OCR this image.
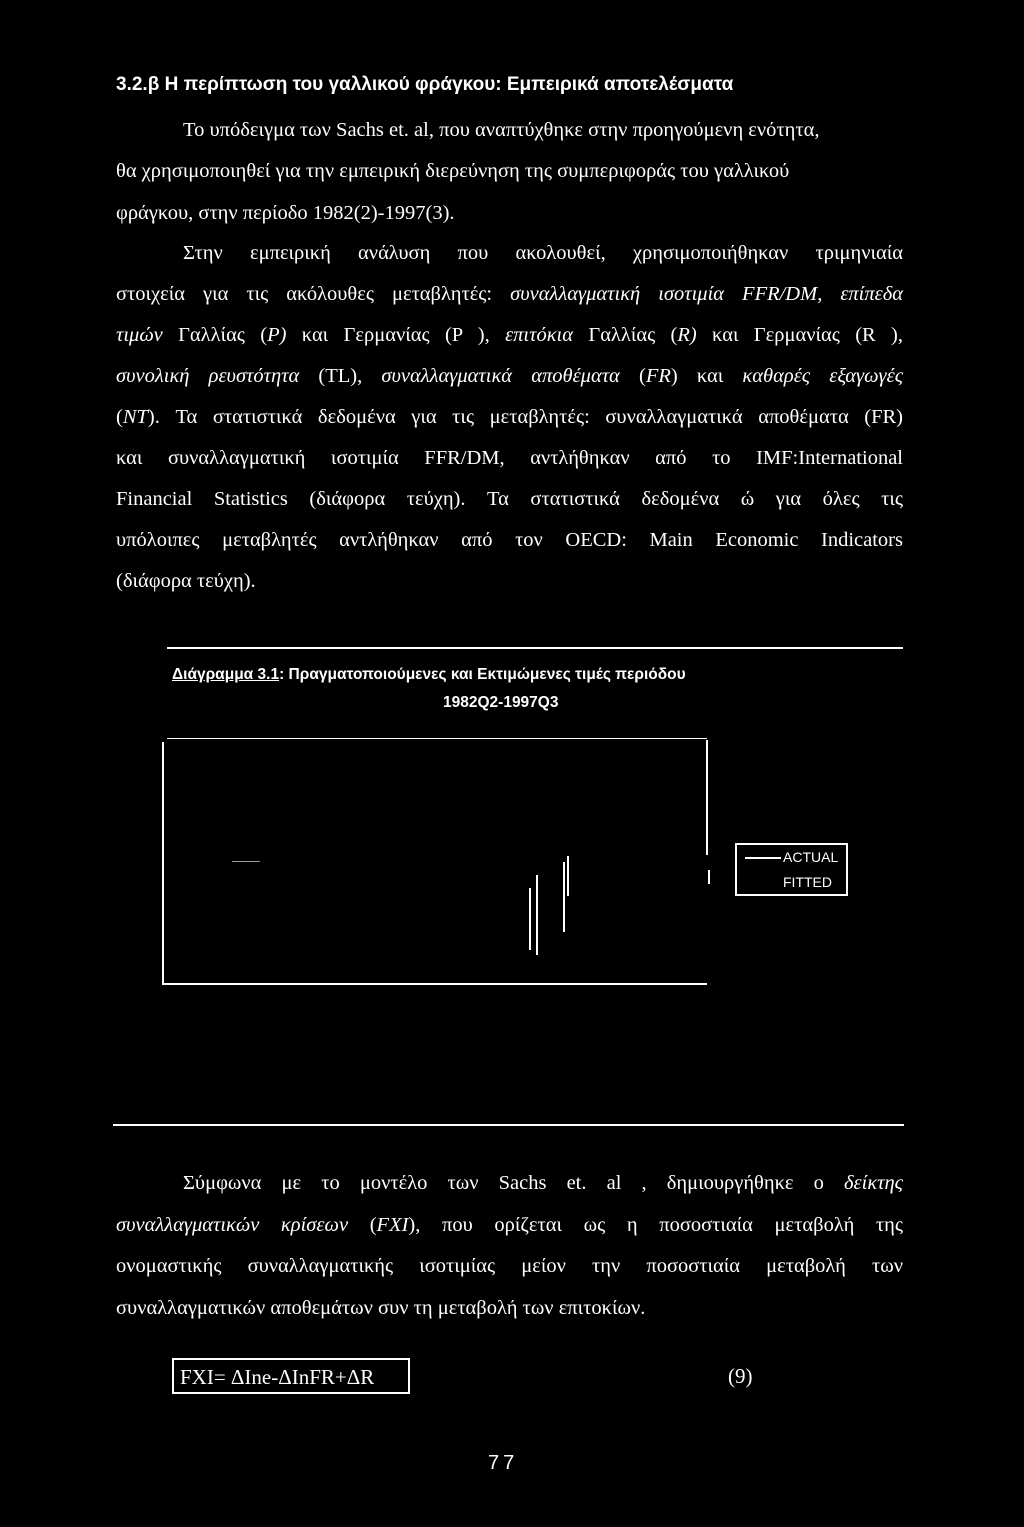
3.2.β Η περίπτωση του γαλλικού φράγκου: Εμπειρικά αποτελέσματα
Το υπόδειγμα των Sachs et. al, που αναπτύχθηκε στην προηγούμενη ενότητα,
θα χρησιμοποιηθεί για την εμπειρική διερεύνηση της συμπεριφοράς του γαλλικού
φράγκου, στην περίοδο 1982(2)-1997(3).
Στην εμπειρική ανάλυση που ακολουθεί, χρησιμοποιήθηκαν τριμηνιαία
στοιχεία για τις ακόλουθες μεταβλητές: συναλλαγματική ισοτιμία FFR/DM, επίπεδα
τιμών Γαλλίας (P) και Γερμανίας (P ), επιτόκια Γαλλίας (R) και Γερμανίας (R ),
συνολική ρευστότητα (TL), συναλλαγματικά αποθέματα (FR) και καθαρές εξαγωγές
(NT). Τα στατιστικά δεδομένα για τις μεταβλητές: συναλλαγματικά αποθέματα (FR)
και συναλλαγματική ισοτιμία FFR/DM, αντλήθηκαν από το IMF:International
Financial Statistics (διάφορα τεύχη). Τα στατιστικά δεδομένα ώ για όλες τις
υπόλοιπες μεταβλητές αντλήθηκαν από τον OECD: Main Economic Indicators
(διάφορα τεύχη).
Διάγραμμα 3.1: Πραγματοποιούμενες και Εκτιμώμενες τιμές περιόδου
1982Q2-1997Q3
ACTUAL
FITTED
Σύμφωνα με το μοντέλο των Sachs et. al , δημιουργήθηκε ο δείκτης
συναλλαγματικών κρίσεων (FXI), που ορίζεται ως η ποσοστιαία μεταβολή της
ονομαστικής συναλλαγματικής ισοτιμίας μείον την ποσοστιαία μεταβολή των
συναλλαγματικών αποθεμάτων συν τη μεταβολή των επιτοκίων.
FXI= ΔIne-ΔInFR+ΔR	(9)
77
